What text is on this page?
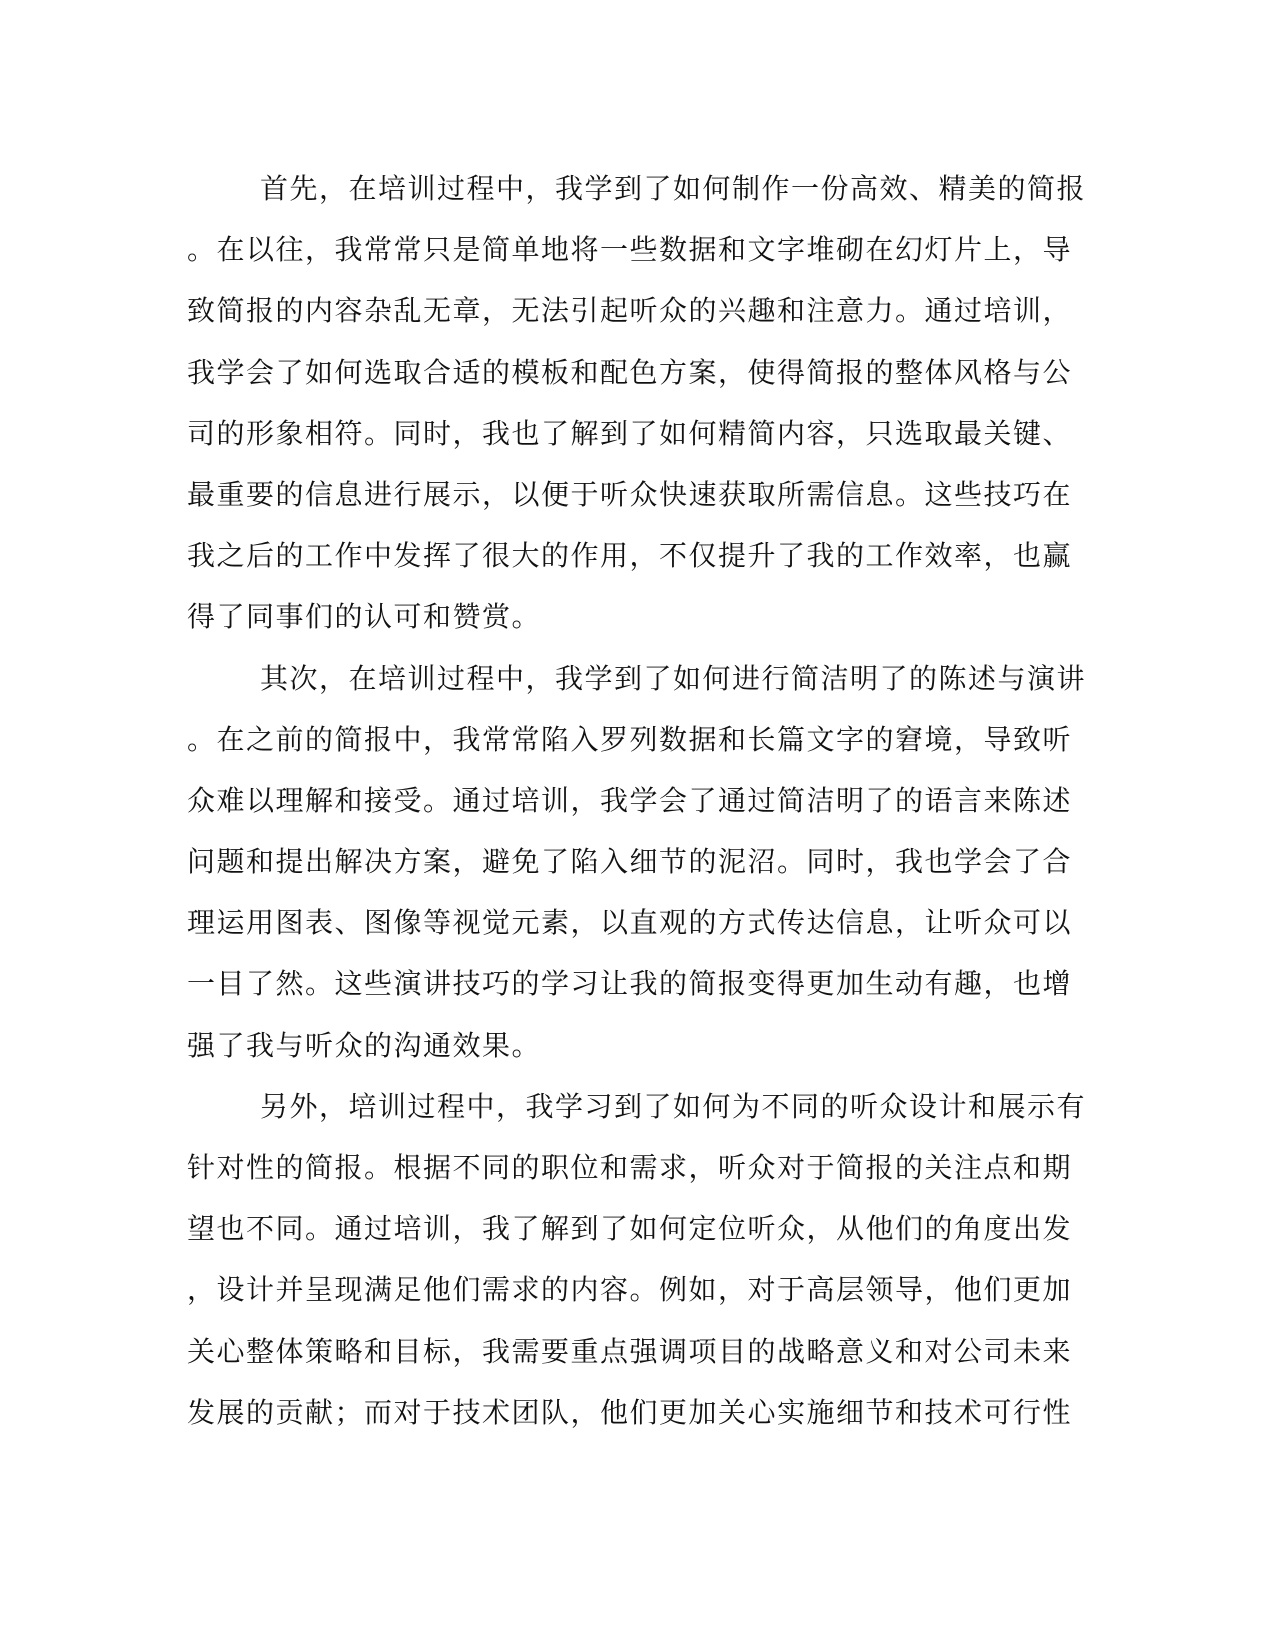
首先，在培训过程中，我学到了如何制作一份高效、精美的简报
。在以往，我常常只是简单地将一些数据和文字堆砌在幻灯片上，导
致简报的内容杂乱无章，无法引起听众的兴趣和注意力。通过培训，
我学会了如何选取合适的模板和配色方案，使得简报的整体风格与公
司的形象相符。同时，我也了解到了如何精简内容，只选取最关键、
最重要的信息进行展示，以便于听众快速获取所需信息。这些技巧在
我之后的工作中发挥了很大的作用，不仅提升了我的工作效率，也赢
得了同事们的认可和赞赏。
其次，在培训过程中，我学到了如何进行简洁明了的陈述与演讲
。在之前的简报中，我常常陷入罗列数据和长篇文字的窘境，导致听
众难以理解和接受。通过培训，我学会了通过简洁明了的语言来陈述
问题和提出解决方案，避免了陷入细节的泥沼。同时，我也学会了合
理运用图表、图像等视觉元素，以直观的方式传达信息，让听众可以
一目了然。这些演讲技巧的学习让我的简报变得更加生动有趣，也增
强了我与听众的沟通效果。
另外，培训过程中，我学习到了如何为不同的听众设计和展示有
针对性的简报。根据不同的职位和需求，听众对于简报的关注点和期
望也不同。通过培训，我了解到了如何定位听众，从他们的角度出发
，设计并呈现满足他们需求的内容。例如，对于高层领导，他们更加
关心整体策略和目标，我需要重点强调项目的战略意义和对公司未来
发展的贡献；而对于技术团队，他们更加关心实施细节和技术可行性
